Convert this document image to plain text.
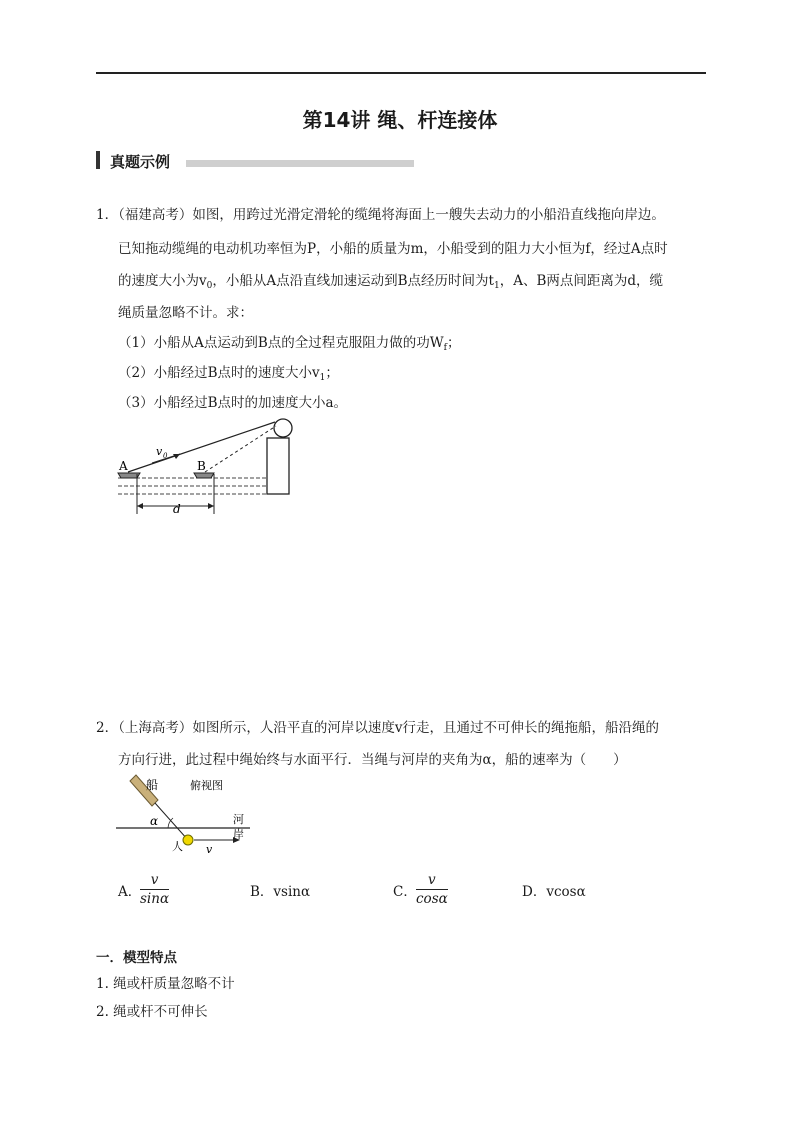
第14讲 绳、杆连接体
真题示例
1．（福建高考）如图，用跨过光滑定滑轮的缆绳将海面上一艘失去动力的小船沿直线拖向岸边。
已知拖动缆绳的电动机功率恒为P，小船的质量为m，小船受到的阻力大小恒为f，经过A点时
的速度大小为$v_0$，小船从A点沿直线加速运动到B点经历时间为$t_1$，A、B两点间距离为d，缆
绳质量忽略不计。求：
（1）小船从A点运动到B点的全过程克服阻力做的功$W_f$；
（2）小船经过B点时的速度大小$v_1$；
（3）小船经过B点时的加速度大小a。
A	B
v 0
d
2．（上海高考）如图所示，人沿平直的河岸以速度v行走，且通过不可伸长的绳拖船，船沿绳的
方向行进，此过程中绳始终与水面平行．当绳与河岸的夹角为α，船的速率为（　　）
船	俯视图
河
岸
α
人 v
A．
$\frac{v}{\sin\alpha}$	B．vsinα	C． $\frac{v}{\cos\alpha}$	D．vcosα
一．模型特点
1. 绳或杆质量忽略不计
2. 绳或杆不可伸长
